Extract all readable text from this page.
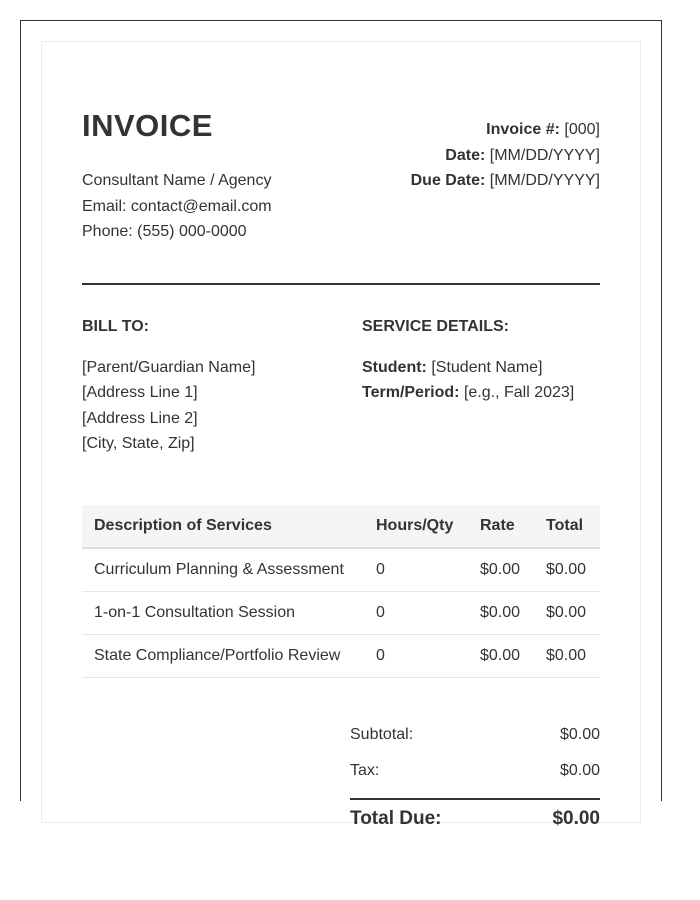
INVOICE
Consultant Name / Agency
Email: contact@email.com
Phone: (555) 000-0000
Invoice #: [000]
Date: [MM/DD/YYYY]
Due Date: [MM/DD/YYYY]
BILL TO:
[Parent/Guardian Name]
[Address Line 1]
[Address Line 2]
[City, State, Zip]
SERVICE DETAILS:
Student: [Student Name]
Term/Period: [e.g., Fall 2023]
Description of Services	Hours/Qty	Rate	Total
Curriculum Planning & Assessment	0	$0.00	$0.00
1-on-1 Consultation Session	0	$0.00	$0.00
State Compliance/Portfolio Review	0	$0.00	$0.00
Subtotal:	$0.00
Tax:	$0.00
Total Due:	$0.00
